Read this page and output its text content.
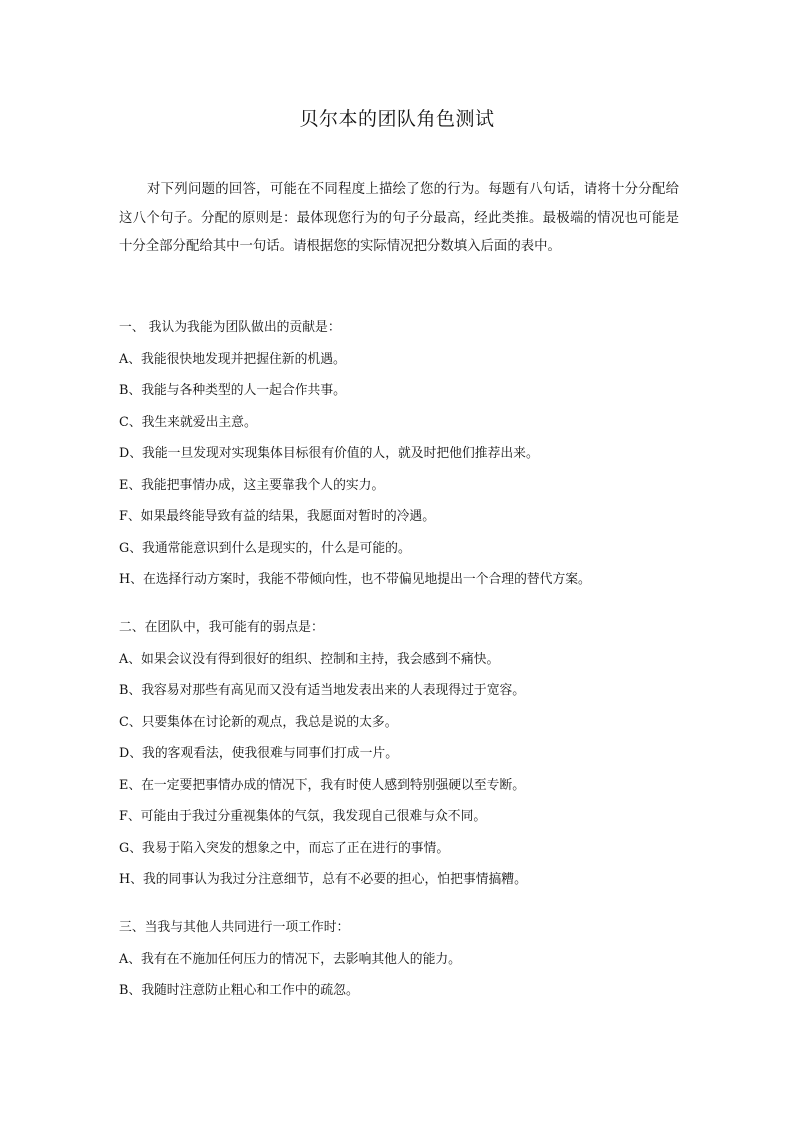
贝尔本的团队角色测试

对下列问题的回答，可能在不同程度上描绘了您的行为。每题有八句话，请将十分分配给这八个句子。分配的原则是：最体现您行为的句子分最高，经此类推。最极端的情况也可能是十分全部分配给其中一句话。请根据您的实际情况把分数填入后面的表中。

一、 我认为我能为团队做出的贡献是：
A、我能很快地发现并把握住新的机遇。
B、我能与各种类型的人一起合作共事。
C、我生来就爱出主意。
D、我能一旦发现对实现集体目标很有价值的人，就及时把他们推荐出来。
E、我能把事情办成，这主要靠我个人的实力。
F、如果最终能导致有益的结果，我愿面对暂时的冷遇。
G、我通常能意识到什么是现实的，什么是可能的。
H、在选择行动方案时，我能不带倾向性，也不带偏见地提出一个合理的替代方案。
二、在团队中，我可能有的弱点是：
A、如果会议没有得到很好的组织、控制和主持，我会感到不痛快。
B、我容易对那些有高见而又没有适当地发表出来的人表现得过于宽容。
C、只要集体在讨论新的观点，我总是说的太多。
D、我的客观看法，使我很难与同事们打成一片。
E、在一定要把事情办成的情况下，我有时使人感到特别强硬以至专断。
F、可能由于我过分重视集体的气氛，我发现自己很难与众不同。
G、我易于陷入突发的想象之中，而忘了正在进行的事情。
H、我的同事认为我过分注意细节，总有不必要的担心，怕把事情搞糟。
三、当我与其他人共同进行一项工作时：
A、我有在不施加任何压力的情况下，去影响其他人的能力。
B、我随时注意防止粗心和工作中的疏忽。
